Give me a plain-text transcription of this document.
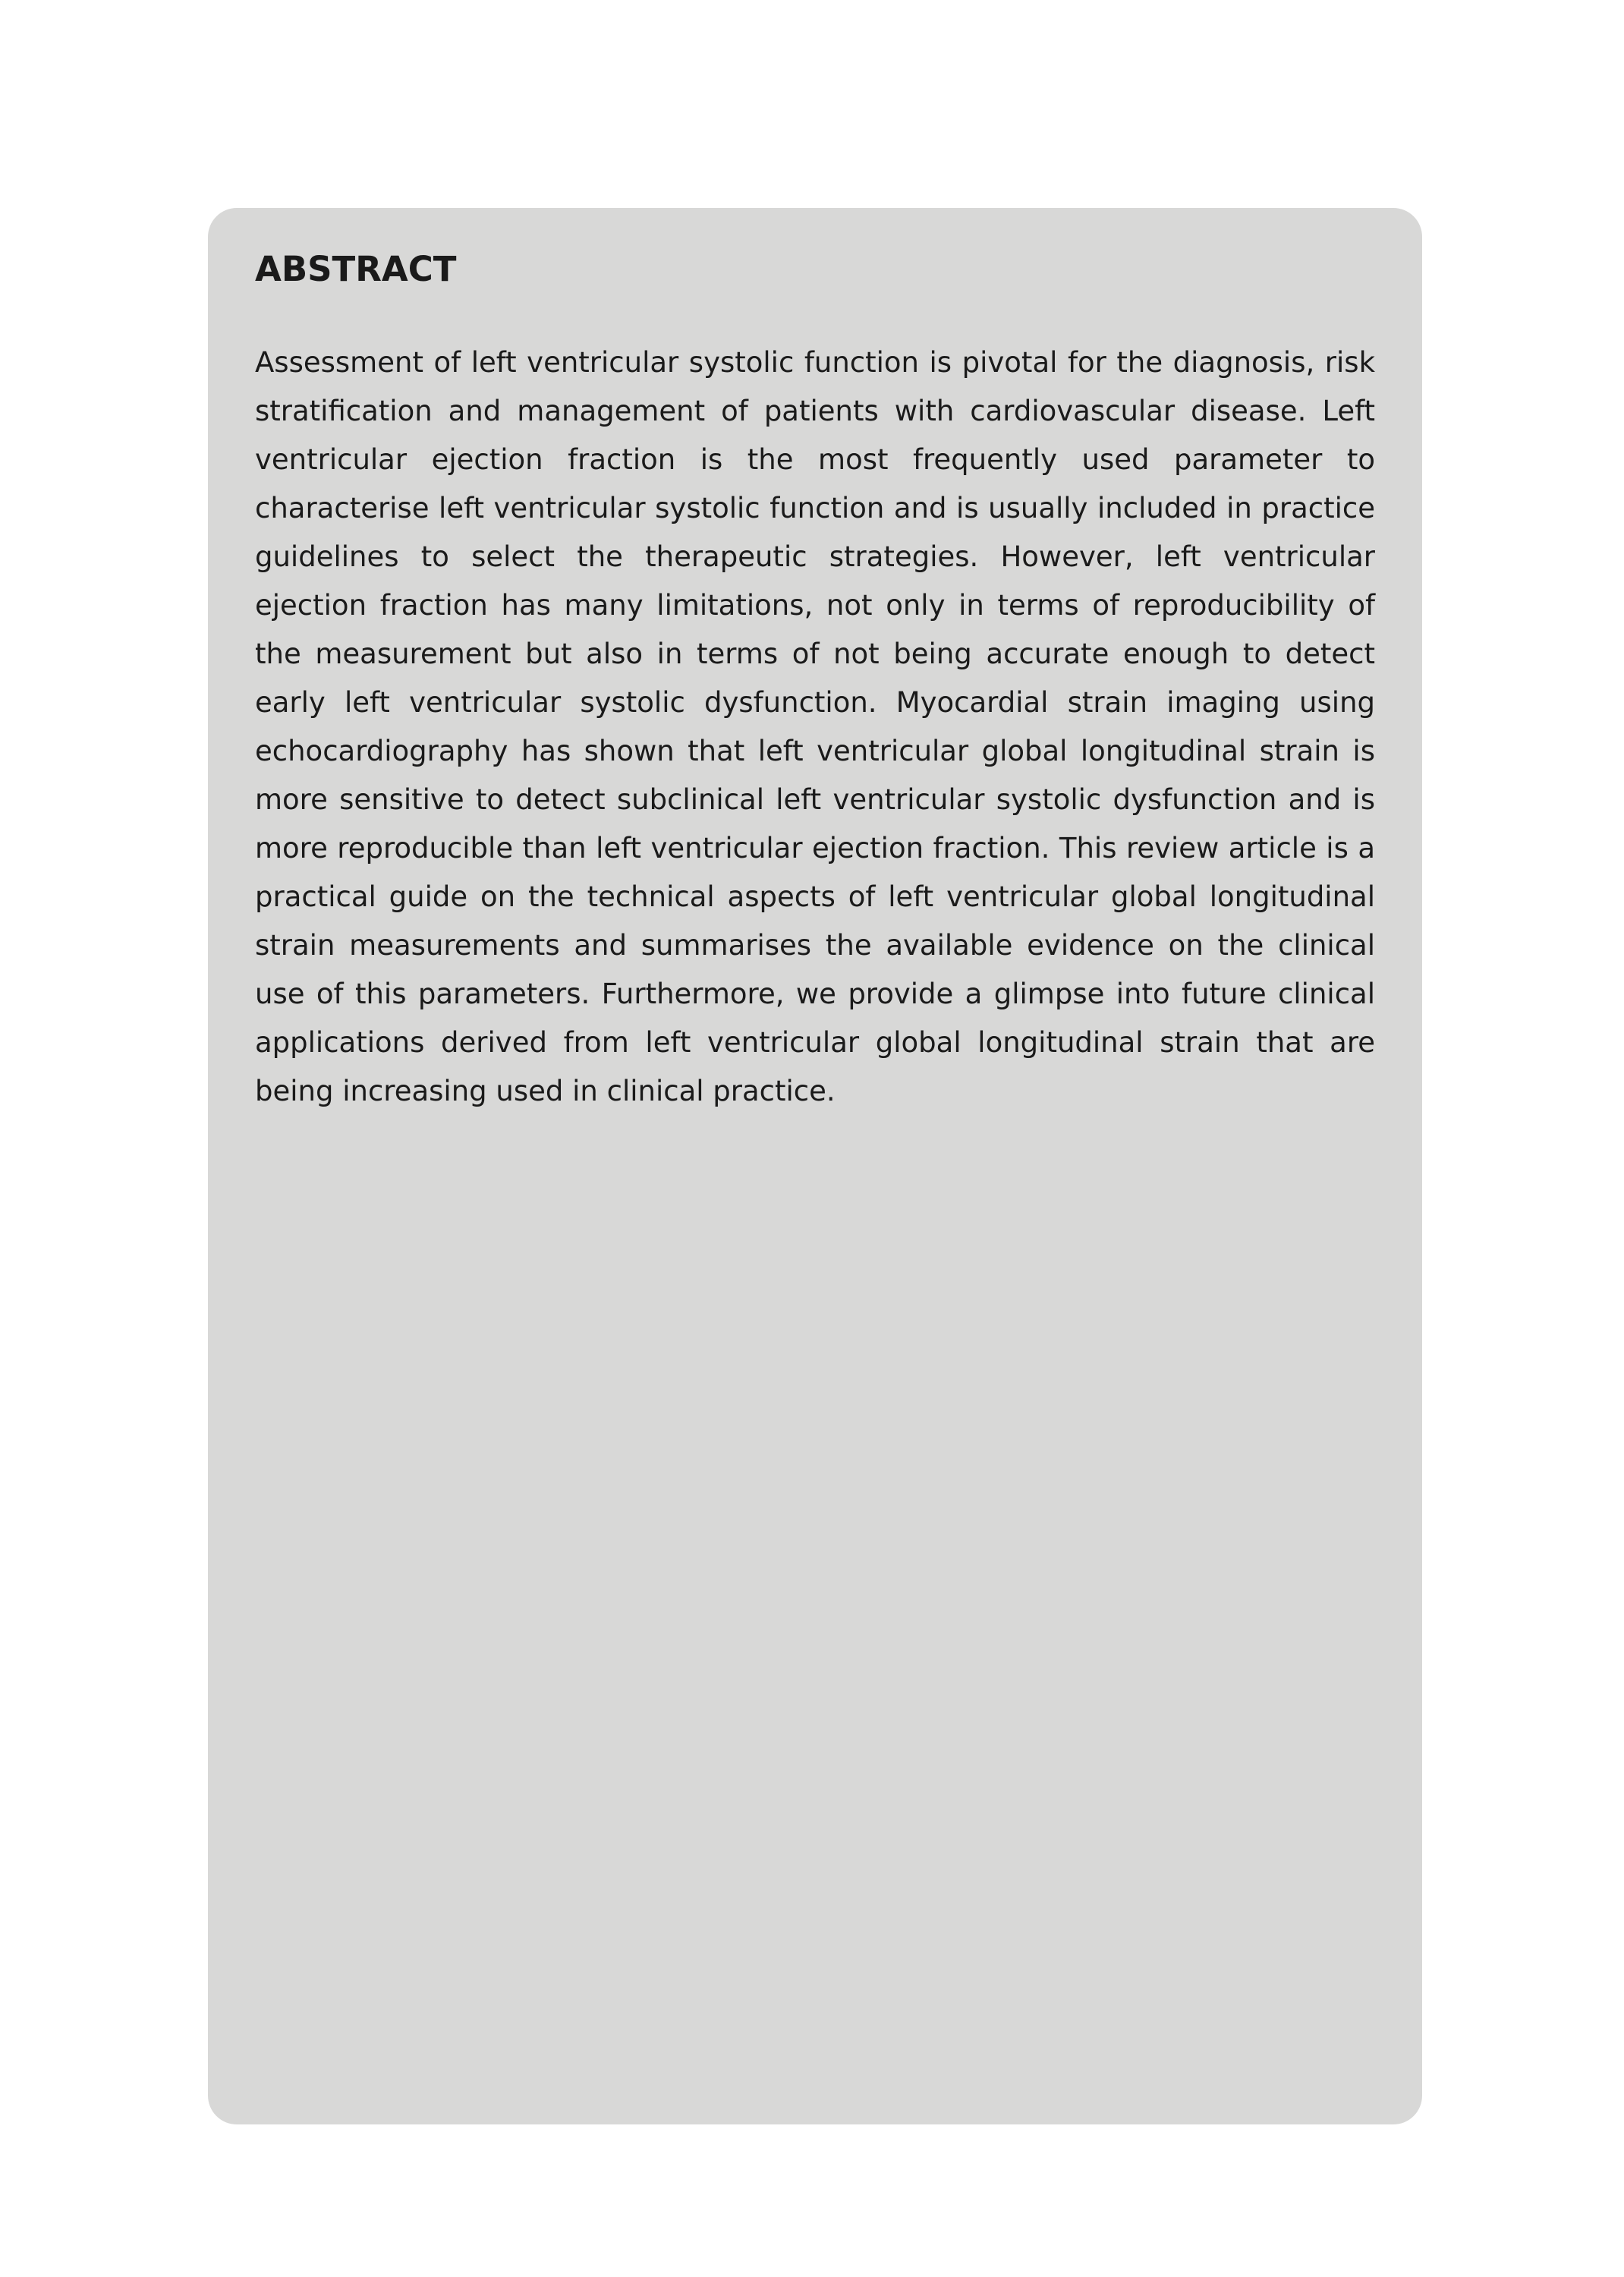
ABSTRACT

Assessment of left ventricular systolic function is pivotal for the diagnosis, risk stratification and management of patients with cardiovascular disease. Left ventricular ejection fraction is the most frequently used parameter to characterise left ventricular systolic function and is usually included in practice guidelines to select the therapeutic strategies. However, left ventricular ejection fraction has many limitations, not only in terms of reproducibility of the measurement but also in terms of not being accurate enough to detect early left ventricular systolic dysfunction. Myocardial strain imaging using echocardiography has shown that left ventricular global longitudinal strain is more sensitive to detect subclinical left ventricular systolic dysfunction and is more reproducible than left ventricular ejection fraction. This review article is a practical guide on the technical aspects of left ventricular global longitudinal strain measurements and summarises the available evidence on the clinical use of this parameters. Furthermore, we provide a glimpse into future clinical applications derived from left ventricular global longitudinal strain that are being increasing used in clinical practice.
